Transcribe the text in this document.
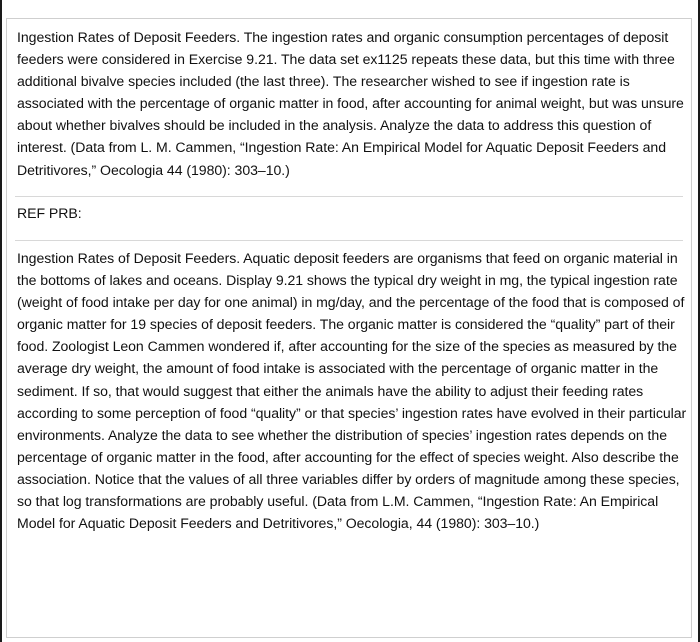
Ingestion Rates of Deposit Feeders. The ingestion rates and organic consumption percentages of deposit feeders were considered in Exercise 9.21. The data set ex1125 repeats these data, but this time with three additional bivalve species included (the last three). The researcher wished to see if ingestion rate is associated with the percentage of organic matter in food, after accounting for animal weight, but was unsure about whether bivalves should be included in the analysis. Analyze the data to address this question of interest. (Data from L. M. Cammen, “Ingestion Rate: An Empirical Model for Aquatic Deposit Feeders and Detritivores,” Oecologia 44 (1980): 303–10.)

REF PRB:

Ingestion Rates of Deposit Feeders. Aquatic deposit feeders are organisms that feed on organic material in the bottoms of lakes and oceans. Display 9.21 shows the typical dry weight in mg, the typical ingestion rate (weight of food intake per day for one animal) in mg/day, and the percentage of the food that is composed of organic matter for 19 species of deposit feeders. The organic matter is considered the “quality” part of their food. Zoologist Leon Cammen wondered if, after accounting for the size of the species as measured by the average dry weight, the amount of food intake is associated with the percentage of organic matter in the sediment. If so, that would suggest that either the animals have the ability to adjust their feeding rates according to some perception of food “quality” or that species’ ingestion rates have evolved in their particular environments. Analyze the data to see whether the distribution of species’ ingestion rates depends on the percentage of organic matter in the food, after accounting for the effect of species weight. Also describe the association. Notice that the values of all three variables differ by orders of magnitude among these species, so that log transformations are probably useful. (Data from L.M. Cammen, “Ingestion Rate: An Empirical Model for Aquatic Deposit Feeders and Detritivores,” Oecologia, 44 (1980): 303–10.)
